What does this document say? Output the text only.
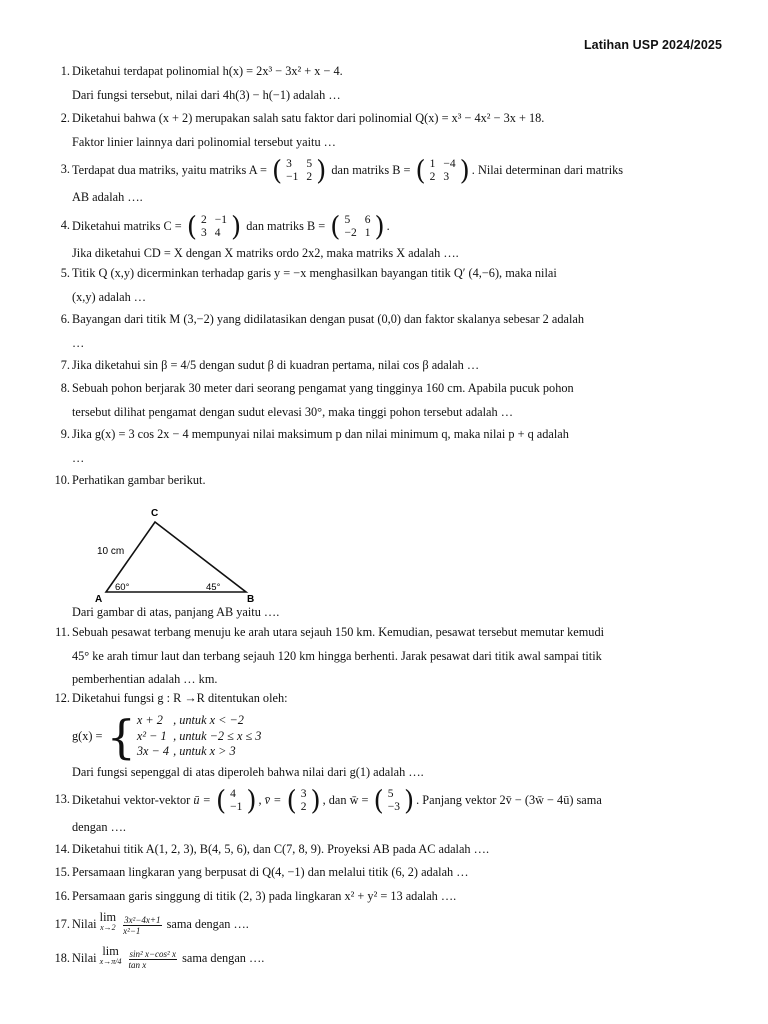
Latihan USP 2024/2025
1. Diketahui terdapat polinomial h(x) = 2x³ − 3x² + x − 4.
Dari fungsi tersebut, nilai dari 4h(3) − h(−1) adalah …
2. Diketahui bahwa (x + 2) merupakan salah satu faktor dari polinomial Q(x) = x³ − 4x² − 3x + 18.
Faktor linier lainnya dari polinomial tersebut yaitu …
3. Terdapat dua matriks, yaitu matriks A = ( 3	5
−1	2 ) dan matriks B = ( 1	−4
2	3 ) . Nilai determinan dari matriks
AB adalah ….
4. Diketahui matriks C = ( 2	−1
3	4 ) dan matriks B = ( 5	6
−2	1 ) .
Jika diketahui CD = X dengan X matriks ordo 2x2, maka matriks X adalah ….
5. Titik Q (x,y) dicerminkan terhadap garis y = −x menghasilkan bayangan titik Q′ (4,−6), maka nilai
(x,y) adalah …
6. Bayangan dari titik M (3,−2) yang didilatasikan dengan pusat (0,0) dan faktor skalanya sebesar 2 adalah
…
7. Jika diketahui sin β = 4/5 dengan sudut β di kuadran pertama, nilai cos β adalah …
8. Sebuah pohon berjarak 30 meter dari seorang pengamat yang tingginya 160 cm. Apabila pucuk pohon
tersebut dilihat pengamat dengan sudut elevasi 30°, maka tinggi pohon tersebut adalah …
9. Jika g(x) = 3 cos 2x − 4 mempunyai nilai maksimum p dan nilai minimum q, maka nilai p + q adalah
…
10. Perhatikan gambar berikut.
C
A	B
10 cm
60°	45°
Dari gambar di atas, panjang AB yaitu ….
11. Sebuah pesawat terbang menuju ke arah utara sejauh 150 km. Kemudian, pesawat tersebut memutar kemudi
45° ke arah timur laut dan terbang sejauh 120 km hingga berhenti. Jarak pesawat dari titik awal sampai titik
pemberhentian adalah … km.
12. Diketahui fungsi g : R →R ditentukan oleh:
g(x) = { x + 2	, untuk x < −2
x² − 1	, untuk −2 ≤ x ≤ 3
3x − 4	, untuk x > 3
Dari fungsi sepenggal di atas diperoleh bahwa nilai dari g(1) adalah ….
13. Diketahui vektor-vektor ū = ( 4
−1 ) , v̄ = ( 3
2 ) , dan w̄ = ( 5
−3 ) . Panjang vektor 2v̄ − (3w̄ − 4ū) sama
dengan ….
14. Diketahui titik A(1, 2, 3), B(4, 5, 6), dan C(7, 8, 9). Proyeksi AB pada AC adalah ….
15. Persamaan lingkaran yang berpusat di Q(4, −1) dan melalui titik (6, 2) adalah …
16. Persamaan garis singgung di titik (2, 3) pada lingkaran x² + y² = 13 adalah ….
17. Nilai lim
x→2
$\frac{\text{3x²−4x+1}}{\text{x²−1}}$ sama dengan ….
18. Nilai lim
x→π/4
$\frac{\text{sin² x−cos² x}}{\text{tan x}}$ sama dengan ….
